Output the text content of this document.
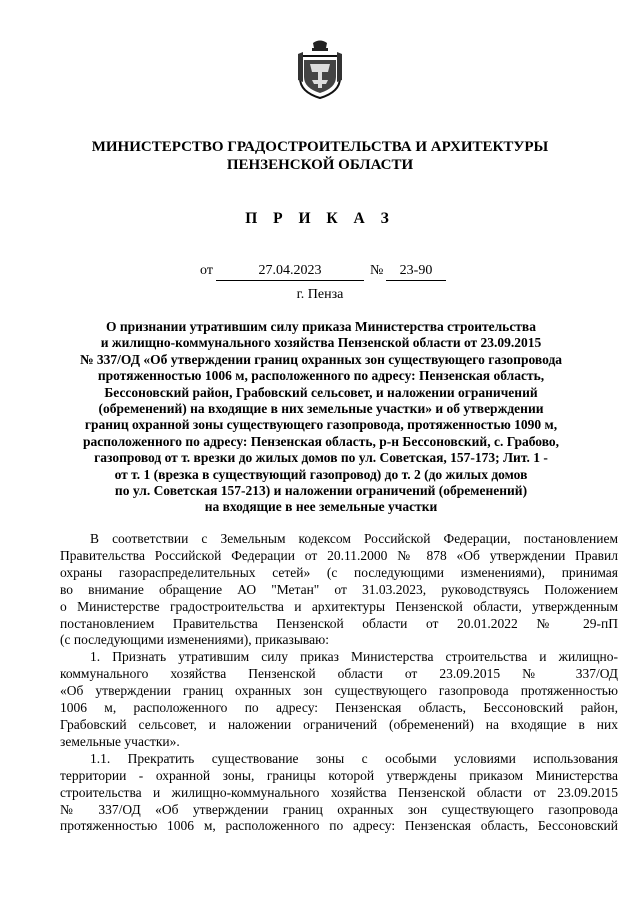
МИНИСТЕРСТВО ГРАДОСТРОИТЕЛЬСТВА И АРХИТЕКТУРЫ
ПЕНЗЕНСКОЙ ОБЛАСТИ
П Р И К А З
от	27.04.2023	№	23-90
г. Пенза
О признании утратившим силу приказа Министерства строительства
и жилищно-коммунального хозяйства Пензенской области от 23.09.2015
№ 337/ОД «Об утверждении границ охранных зон существующего газопровода
протяженностью 1006 м, расположенного по адресу: Пензенская область,
Бессоновский район, Грабовский сельсовет, и наложении ограничений
(обременений) на входящие в них земельные участки» и об утверждении
границ охранной зоны существующего газопровода, протяженностью 1090 м,
расположенного по адресу: Пензенская область, р-н Бессоновский, с. Грабово,
газопровод от т. врезки до жилых домов по ул. Советская, 157-173; Лит. 1 -
от т. 1 (врезка в существующий газопровод) до т. 2 (до жилых домов
по ул. Советская 157-213) и наложении ограничений (обременений)
на входящие в нее земельные участки
В соответствии с Земельным кодексом Российской Федерации, постановлением
Правительства Российской Федерации от 20.11.2000 № 878 «Об утверждении Правил
охраны газораспределительных сетей» (с последующими изменениями), принимая
во внимание обращение АО "Метан" от 31.03.2023, руководствуясь Положением
о Министерстве градостроительства и архитектуры Пензенской области, утвержденным
постановлением Правительства Пензенской области от 20.01.2022 № 29-пП
(с последующими изменениями), приказываю:
1. Признать утратившим силу приказ Министерства строительства и жилищно-
коммунального хозяйства Пензенской области от 23.09.2015 № 337/ОД
«Об утверждении границ охранных зон существующего газопровода протяженностью
1006 м, расположенного по адресу: Пензенская область, Бессоновский район,
Грабовский сельсовет, и наложении ограничений (обременений) на входящие в них
земельные участки».
1.1. Прекратить существование зоны с особыми условиями использования
территории - охранной зоны, границы которой утверждены приказом Министерства
строительства и жилищно-коммунального хозяйства Пензенской области от 23.09.2015
№ 337/ОД «Об утверждении границ охранных зон существующего газопровода
протяженностью 1006 м, расположенного по адресу: Пензенская область, Бессоновский
